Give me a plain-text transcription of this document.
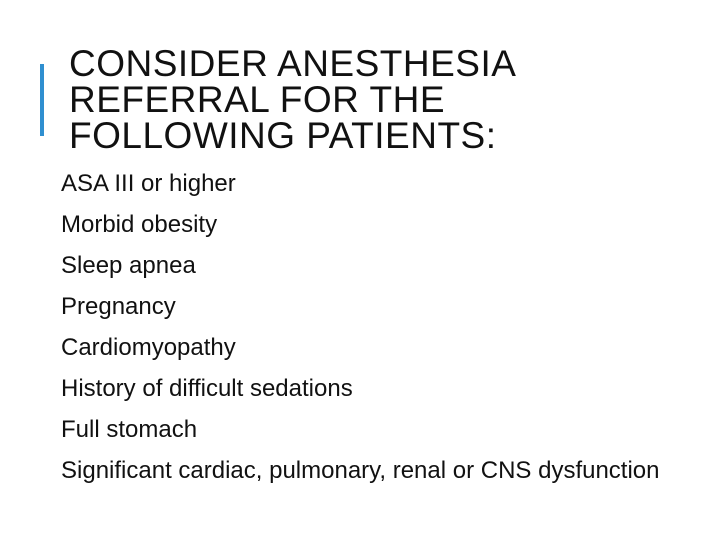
CONSIDER ANESTHESIA
REFERRAL FOR THE
FOLLOWING PATIENTS:
ASA III or higher
Morbid obesity
Sleep apnea
Pregnancy
Cardiomyopathy
History of difficult sedations
Full stomach
Significant cardiac, pulmonary, renal or CNS dysfunction
